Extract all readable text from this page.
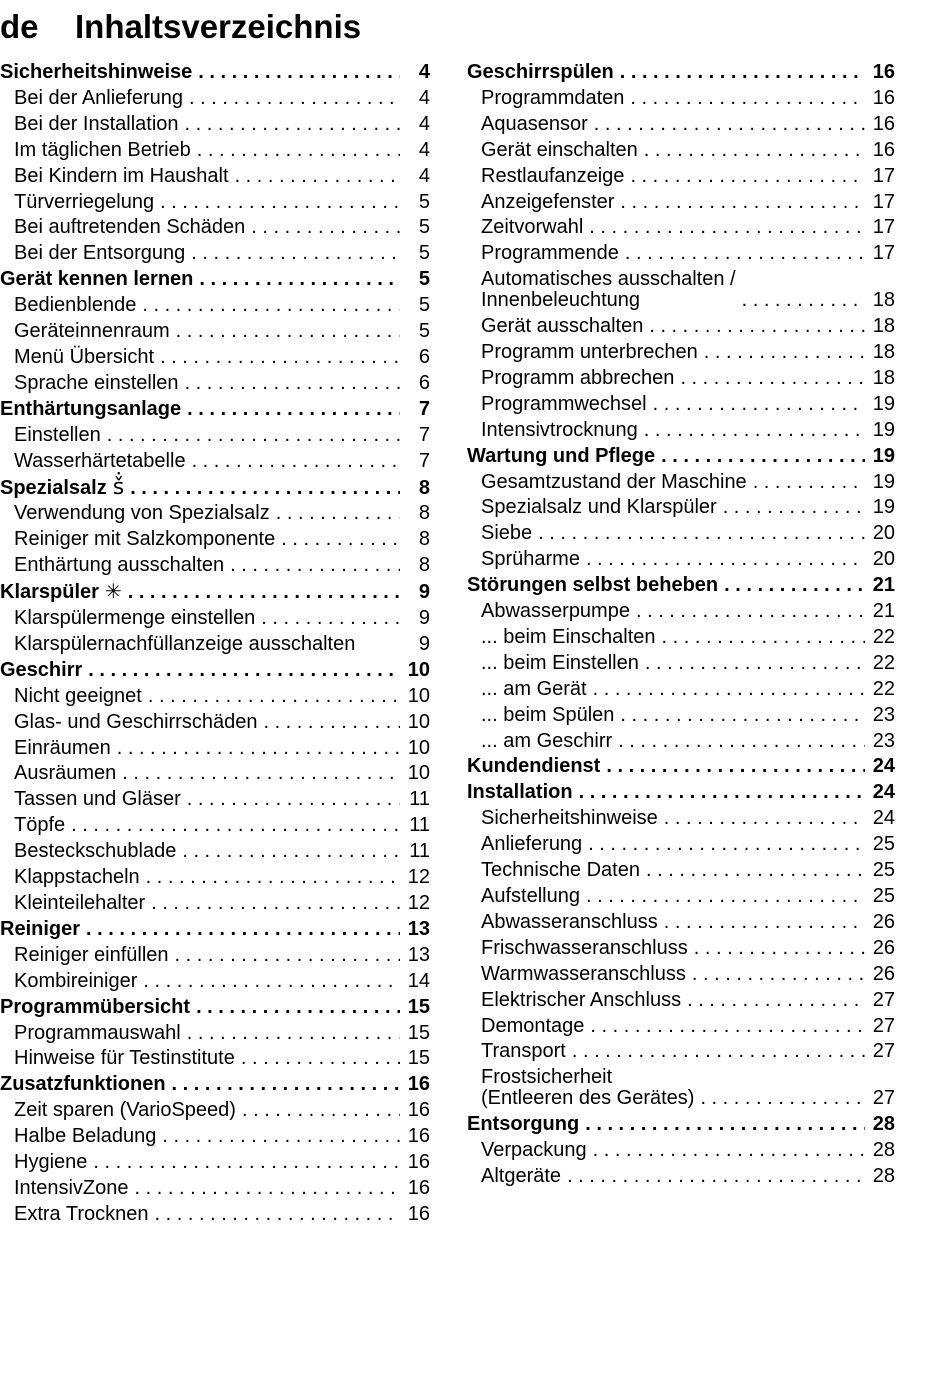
de	Inhaltsverzeichnis
Sicherheitshinweise . . .	4
Bei der Anlieferung . . .	4
Bei der Installation . . .	4
Im täglichen Betrieb . . .	4
Bei Kindern im Haushalt . . .	4
Türverriegelung . . .	5
Bei auftretenden Schäden . . .	5
Bei der Entsorgung . . .	5
Gerät kennen lernen . . .	5
Bedienblende . . .	5
Geräteinnenraum . . .	5
Menü Übersicht . . .	6
Sprache einstellen . . .	6
Enthärtungsanlage . . .	7
Einstellen . . .	7
Wasserhärtetabelle . . .	7
Spezialsalz ṧ . . .	8
Verwendung von Spezialsalz . . .	8
Reiniger mit Salzkomponente . . .	8
Enthärtung ausschalten . . .	8
Klarspüler ✳ . . .	9
Klarspülermenge einstellen . . .	9
Klarspülernachfüllanzeige ausschalten	9
Geschirr . . .	10
Nicht geeignet . . .	10
Glas- und Geschirrschäden . . .	10
Einräumen . . .	10
Ausräumen . . .	10
Tassen und Gläser . . .	11
Töpfe . . .	11
Besteckschublade . . .	11
Klappstacheln . . .	12
Kleinteilehalter . . .	12
Reiniger . . .	13
Reiniger einfüllen . . .	13
Kombireiniger . . .	14
Programmübersicht . . .	15
Programmauswahl . . .	15
Hinweise für Testinstitute . . .	15
Zusatzfunktionen . . .	16
Zeit sparen (VarioSpeed) . . .	16
Halbe Beladung . . .	16
Hygiene . . .	16
IntensivZone . . .	16
Extra Trocknen . . .	16
Geschirrspülen . . .	16
Programmdaten . . .	16
Aquasensor . . .	16
Gerät einschalten . . .	16
Restlaufanzeige . . .	17
Anzeigefenster . . .	17
Zeitvorwahl . . .	17
Programmende . . .	17
Automatisches ausschalten /
Innenbeleuchtung . . .	18
Gerät ausschalten . . .	18
Programm unterbrechen . . .	18
Programm abbrechen . . .	18
Programmwechsel . . .	19
Intensivtrocknung . . .	19
Wartung und Pflege . . .	19
Gesamtzustand der Maschine . . .	19
Spezialsalz und Klarspüler . . .	19
Siebe . . .	20
Sprüharme . . .	20
Störungen selbst beheben . . .	21
Abwasserpumpe . . .	21
... beim Einschalten . . .	22
... beim Einstellen . . .	22
... am Gerät . . .	22
... beim Spülen . . .	23
... am Geschirr . . .	23
Kundendienst . . .	24
Installation . . .	24
Sicherheitshinweise . . .	24
Anlieferung . . .	25
Technische Daten . . .	25
Aufstellung . . .	25
Abwasseranschluss . . .	26
Frischwasseranschluss . . .	26
Warmwasseranschluss . . .	26
Elektrischer Anschluss . . .	27
Demontage . . .	27
Transport . . .	27
Frostsicherheit
(Entleeren des Gerätes) . . .	27
Entsorgung . . .	28
Verpackung . . .	28
Altgeräte . . .	28
